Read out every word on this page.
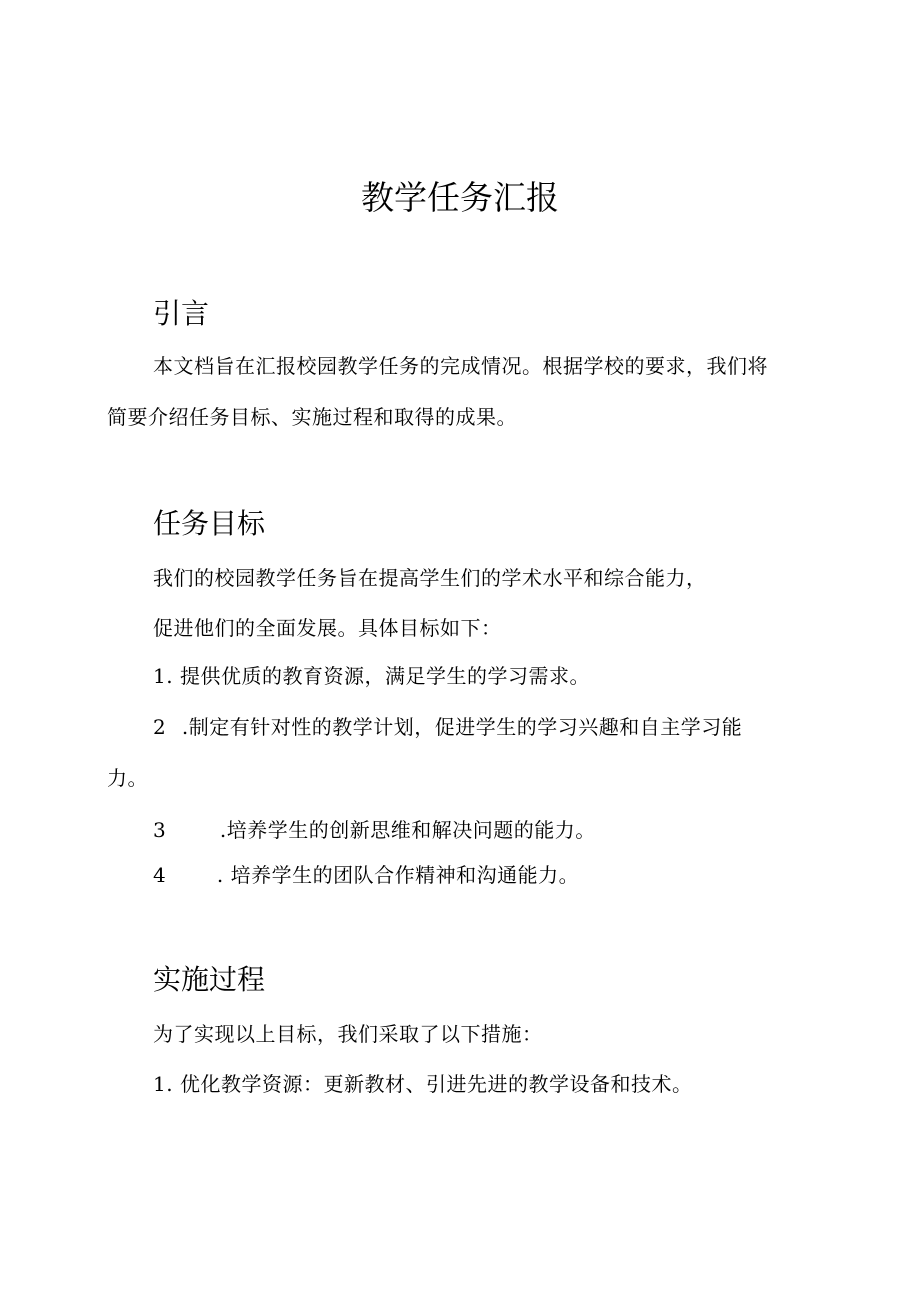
教学任务汇报
引言
本文档旨在汇报校园教学任务的完成情况。根据学校的要求，我们将
简要介绍任务目标、实施过程和取得的成果。
任务目标
我们的校园教学任务旨在提高学生们的学术水平和综合能力，
促进他们的全面发展。具体目标如下：
1. 提供优质的教育资源，满足学生的学习需求。
2 .制定有针对性的教学计划，促进学生的学习兴趣和自主学习能
力。
3	.培养学生的创新思维和解决问题的能力。
4	. 培养学生的团队合作精神和沟通能力。
实施过程
为了实现以上目标，我们采取了以下措施：
1. 优化教学资源：更新教材、引进先进的教学设备和技术。
